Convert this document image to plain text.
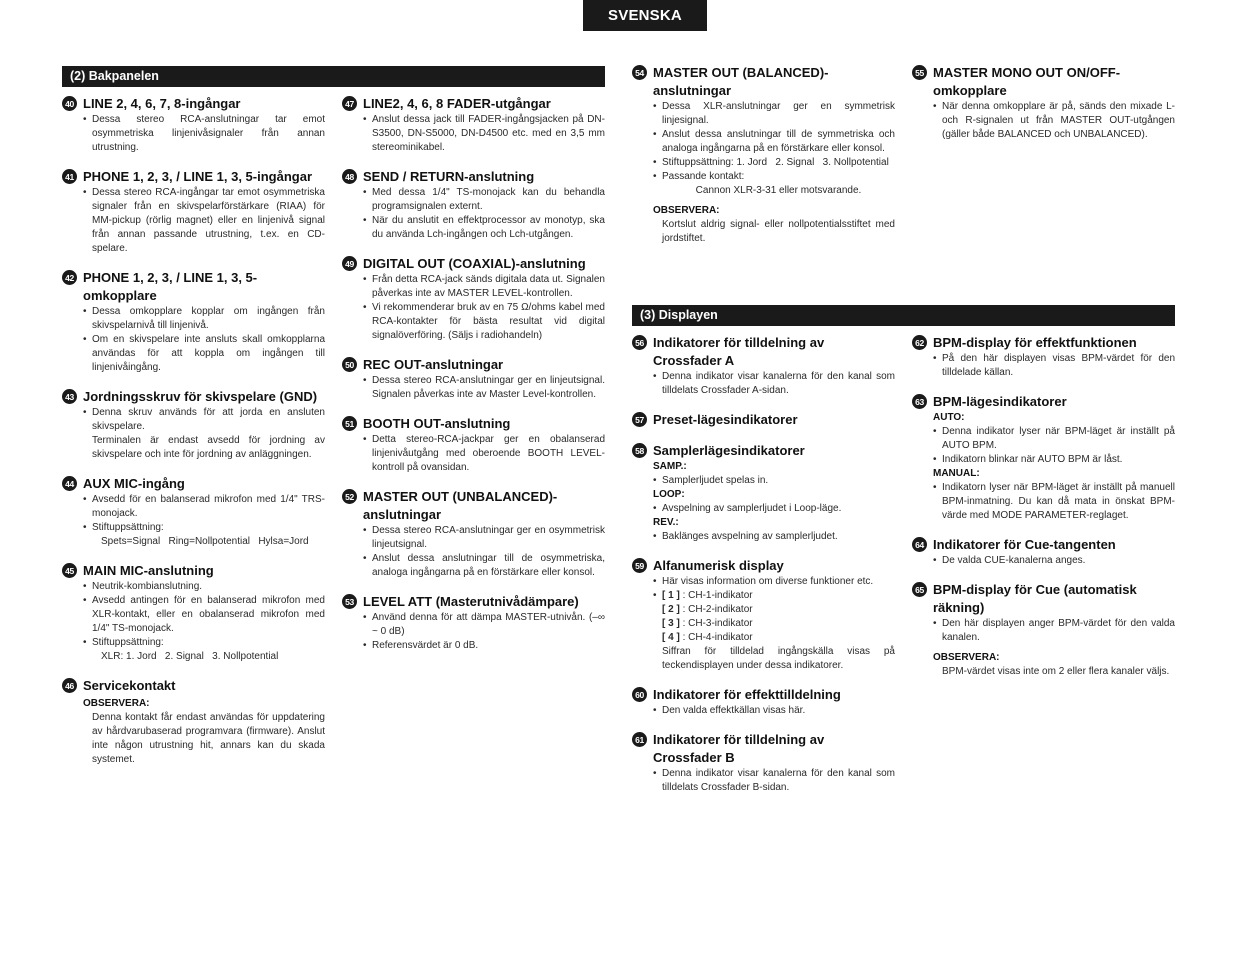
SVENSKA
(2) Bakpanelen
40 LINE 2, 4, 6, 7, 8-ingångar
• Dessa stereo RCA-anslutningar tar emot osymmetriska linjenivåsignaler från annan utrustning.
41 PHONE 1, 2, 3, / LINE 1, 3, 5-ingångar
• Dessa stereo RCA-ingångar tar emot osymmetriska signaler från en skivspelarförstärkare (RIAA) för MM-pickup (rörlig magnet) eller en linjenivå signal från annan passande utrustning, t.ex. en CD-spelare.
42 PHONE 1, 2, 3, / LINE 1, 3, 5-omkopplare
• Dessa omkopplare kopplar om ingången från skivspelarnivå till linjenivå.
• Om en skivspelare inte ansluts skall omkopplarna användas för att koppla om ingången till linjenivåingång.
43 Jordningsskruv för skivspelare (GND)
• Denna skruv används för att jorda en ansluten skivspelare.
Terminalen är endast avsedd för jordning av skivspelare och inte för jordning av anläggningen.
44 AUX MIC-ingång
• Avsedd för en balanserad mikrofon med 1/4" TRS-monojack.
• Stiftuppsättning:
Spets=Signal   Ring=Nollpotential   Hylsa=Jord
45 MAIN MIC-anslutning
• Neutrik-kombianslutning.
• Avsedd antingen för en balanserad mikrofon med XLR-kontakt, eller en obalanserad mikrofon med 1/4" TS-monojack.
• Stiftuppsättning:
XLR: 1. Jord   2. Signal   3. Nollpotential
46 Servicekontakt
OBSERVERA:
Denna kontakt får endast användas för uppdatering av hårdvarubaserad programvara (firmware). Anslut inte någon utrustning hit, annars kan du skada systemet.
47 LINE2, 4, 6, 8 FADER-utgångar
• Anslut dessa jack till FADER-ingångsjacken på DN-S3500, DN-S5000, DN-D4500 etc. med en 3,5 mm stereominikabel.
48 SEND / RETURN-anslutning
• Med dessa 1/4" TS-monojack kan du behandla programsignalen externt.
• När du anslutit en effektprocessor av monotyp, ska du använda Lch-ingången och Lch-utgången.
49 DIGITAL OUT (COAXIAL)-anslutning
• Från detta RCA-jack sänds digitala data ut. Signalen påverkas inte av MASTER LEVEL-kontrollen.
• Vi rekommenderar bruk av en 75 Ω/ohms kabel med RCA-kontakter för bästa resultat vid digital signalöverföring. (Säljs i radiohandeln)
50 REC OUT-anslutningar
• Dessa stereo RCA-anslutningar ger en linjeutsignal. Signalen påverkas inte av Master Level-kontrollen.
51 BOOTH OUT-anslutning
• Detta stereo-RCA-jackpar ger en obalanserad linjenivåutgång med oberoende BOOTH LEVEL-kontroll på ovansidan.
52 MASTER OUT (UNBALANCED)-anslutningar
• Dessa stereo RCA-anslutningar ger en osymmetrisk linjeutsignal.
• Anslut dessa anslutningar till de osymmetriska, analoga ingångarna på en förstärkare eller konsol.
53 LEVEL ATT (Masterutnivådämpare)
• Använd denna för att dämpa MASTER-utnivån. (–∞ ~ 0 dB)
• Referensvärdet är 0 dB.
54 MASTER OUT (BALANCED)-anslutningar
• Dessa XLR-anslutningar ger en symmetrisk linjesignal.
• Anslut dessa anslutningar till de symmetriska och analoga ingångarna på en förstärkare eller konsol.
• Stiftuppsättning: 1. Jord   2. Signal   3. Nollpotential
• Passande kontakt:
Cannon XLR-3-31 eller motsvarande.
OBSERVERA:
Kortslut aldrig signal- eller nollpotentialsstiftet med jordstiftet.
(3) Displayen
56 Indikatorer för tilldelning av Crossfader A
• Denna indikator visar kanalerna för den kanal som tilldelats Crossfader A-sidan.
57 Preset-lägesindikatorer
58 Samplerlägesindikatorer
SAMP.:
• Samplerljudet spelas in.
LOOP:
• Avspelning av samplerljudet i Loop-läge.
REV.:
• Baklänges avspelning av samplerljudet.
59 Alfanumerisk display
• Här visas information om diverse funktioner etc.
• [ 1 ] : CH-1-indikator
[ 2 ] : CH-2-indikator
[ 3 ] : CH-3-indikator
[ 4 ] : CH-4-indikator
Siffran för tilldelad ingångskälla visas på teckendisplayen under dessa indikatorer.
60 Indikatorer för effekttilldelning
• Den valda effektkällan visas här.
61 Indikatorer för tilldelning av Crossfader B
• Denna indikator visar kanalerna för den kanal som tilldelats Crossfader B-sidan.
55 MASTER MONO OUT ON/OFF-omkopplare
• När denna omkopplare är på, sänds den mixade L- och R-signalen ut från MASTER OUT-utgången (gäller både BALANCED och UNBALANCED).
62 BPM-display för effektfunktionen
• På den här displayen visas BPM-värdet för den tilldelade källan.
63 BPM-lägesindikatorer
AUTO:
• Denna indikator lyser när BPM-läget är inställt på AUTO BPM.
• Indikatorn blinkar när AUTO BPM är låst.
MANUAL:
• Indikatorn lyser när BPM-läget är inställt på manuell BPM-inmatning. Du kan då mata in önskat BPM-värde med MODE PARAMETER-reglaget.
64 Indikatorer för Cue-tangenten
• De valda CUE-kanalerna anges.
65 BPM-display för Cue (automatisk räkning)
• Den här displayen anger BPM-värdet för den valda kanalen.
OBSERVERA:
BPM-värdet visas inte om 2 eller flera kanaler väljs.
